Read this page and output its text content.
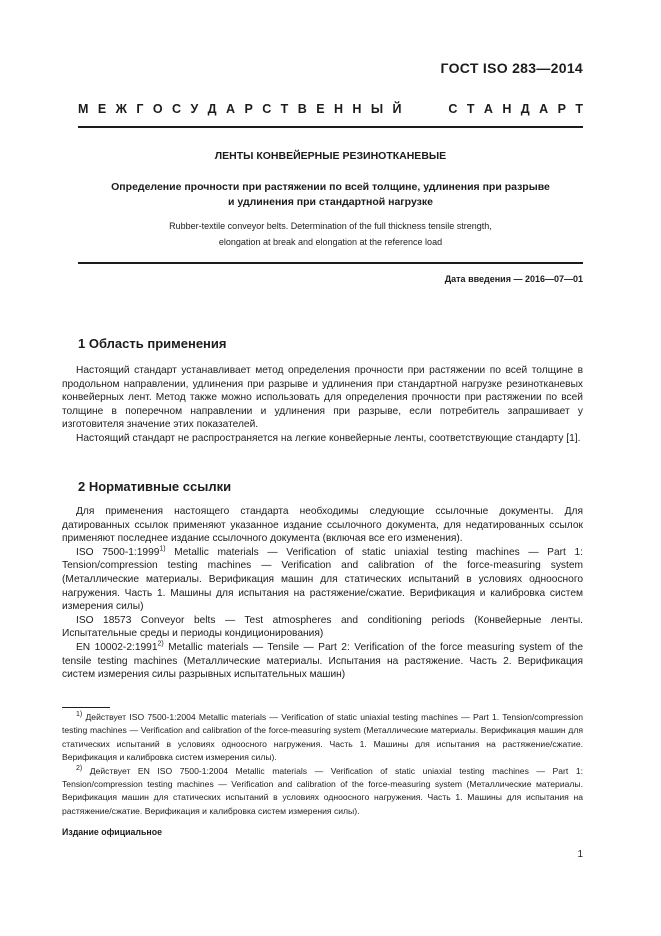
ГОСТ ISO 283—2014
М Е Ж Г О С У Д А Р С Т В Е Н Н Ы Й	С Т А Н Д А Р Т
ЛЕНТЫ КОНВЕЙЕРНЫЕ РЕЗИНОТКАНЕВЫЕ
Определение прочности при растяжении по всей толщине, удлинения при разрыве
и удлинения при стандартной нагрузке
Rubber-textile conveyor belts. Determination of the full thickness tensile strength,
elongation at break and elongation at the reference load
Дата введения — 2016—07—01
1 Область применения

Настоящий стандарт устанавливает метод определения прочности при растяжении по всей толщине в продольном направлении, удлинения при разрыве и удлинения при стандартной нагрузке резинотканевых конвейерных лент. Метод также можно использовать для определения прочности при растяжении по всей толщине в поперечном направлении и удлинения при разрыве, если потребитель запрашивает у изготовителя значение этих показателей.

Настоящий стандарт не распространяется на легкие конвейерные ленты, соответствующие стандарту [1].

2 Нормативные ссылки

Для применения настоящего стандарта необходимы следующие ссылочные документы. Для датированных ссылок применяют указанное издание ссылочного документа, для недатированных ссылок применяют последнее издание ссылочного документа (включая все его изменения).

ISO 7500-1:1999$^{1)}$ Metallic materials — Verification of static uniaxial testing machines — Part 1: Tension/compression testing machines — Verification and calibration of the force-measuring system (Металлические материалы. Верификация машин для статических испытаний в условиях одноосного нагружения. Часть 1. Машины для испытания на растяжение/сжатие. Верификация и калибровка систем измерения силы)

ISO 18573 Conveyor belts — Test atmospheres and conditioning periods (Конвейерные ленты. Испытательные среды и периоды кондиционирования)

EN 10002-2:1991$^{2)}$ Metallic materials — Tensile — Part 2: Verification of the force measuring system of the tensile testing machines (Металлические материалы. Испытания на растяжение. Часть 2. Верификация систем измерения силы разрывных испытательных машин)

$^{1)}$ Действует ISO 7500-1:2004 Metallic materials — Verification of static uniaxial testing machines — Part 1. Tension/compression testing machines — Verification and calibration of the force-measuring system (Металлические материалы. Верификация машин для статических испытаний в условиях одноосного нагружения. Часть 1. Машины для испытания на растяжение/сжатие. Верификация и калибровка систем измерения силы).

$^{2)}$ Действует EN ISO 7500-1:2004 Metallic materials — Verification of static uniaxial testing machines — Part 1: Tension/compression testing machines — Verification and calibration of the force-measuring system (Металлические материалы. Верификация машин для статических испытаний в условиях одноосного нагружения. Часть 1. Машины для испытания на растяжение/сжатие. Верификация и калибровка систем измерения силы).

Издание официальное
1
